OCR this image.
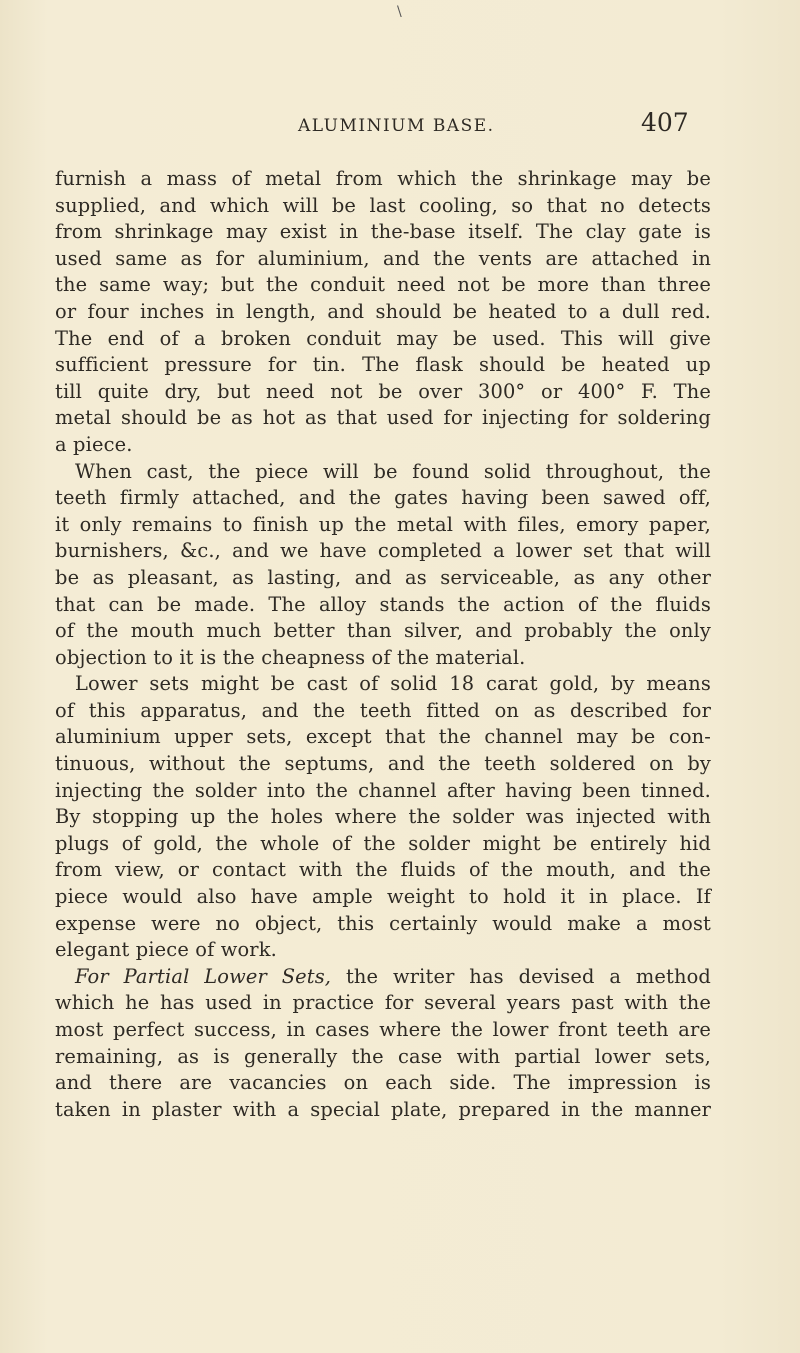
\
ALUMINIUM BASE.	407
furnish a mass of metal from which the shrinkage may be
supplied, and which will be last cooling, so that no detects
from shrinkage may exist in the-base itself. The clay gate is
used same as for aluminium, and the vents are attached in
the same way; but the conduit need not be more than three
or four inches in length, and should be heated to a dull red.
The end of a broken conduit may be used. This will give
sufficient pressure for tin. The flask should be heated up
till quite dry, but need not be over 300° or 400° F. The
metal should be as hot as that used for injecting for soldering
a piece.
When cast, the piece will be found solid throughout, the
teeth firmly attached, and the gates having been sawed off,
it only remains to finish up the metal with files, emory paper,
burnishers, &c., and we have completed a lower set that will
be as pleasant, as lasting, and as serviceable, as any other
that can be made. The alloy stands the action of the fluids
of the mouth much better than silver, and probably the only
objection to it is the cheapness of the material.
Lower sets might be cast of solid 18 carat gold, by means
of this apparatus, and the teeth fitted on as described for
aluminium upper sets, except that the channel may be con-
tinuous, without the septums, and the teeth soldered on by
injecting the solder into the channel after having been tinned.
By stopping up the holes where the solder was injected with
plugs of gold, the whole of the solder might be entirely hid
from view, or contact with the fluids of the mouth, and the
piece would also have ample weight to hold it in place. If
expense were no object, this certainly would make a most
elegant piece of work.
For Partial Lower Sets, the writer has devised a method
which he has used in practice for several years past with the
most perfect success, in cases where the lower front teeth are
remaining, as is generally the case with partial lower sets,
and there are vacancies on each side. The impression is
taken in plaster with a special plate, prepared in the manner
